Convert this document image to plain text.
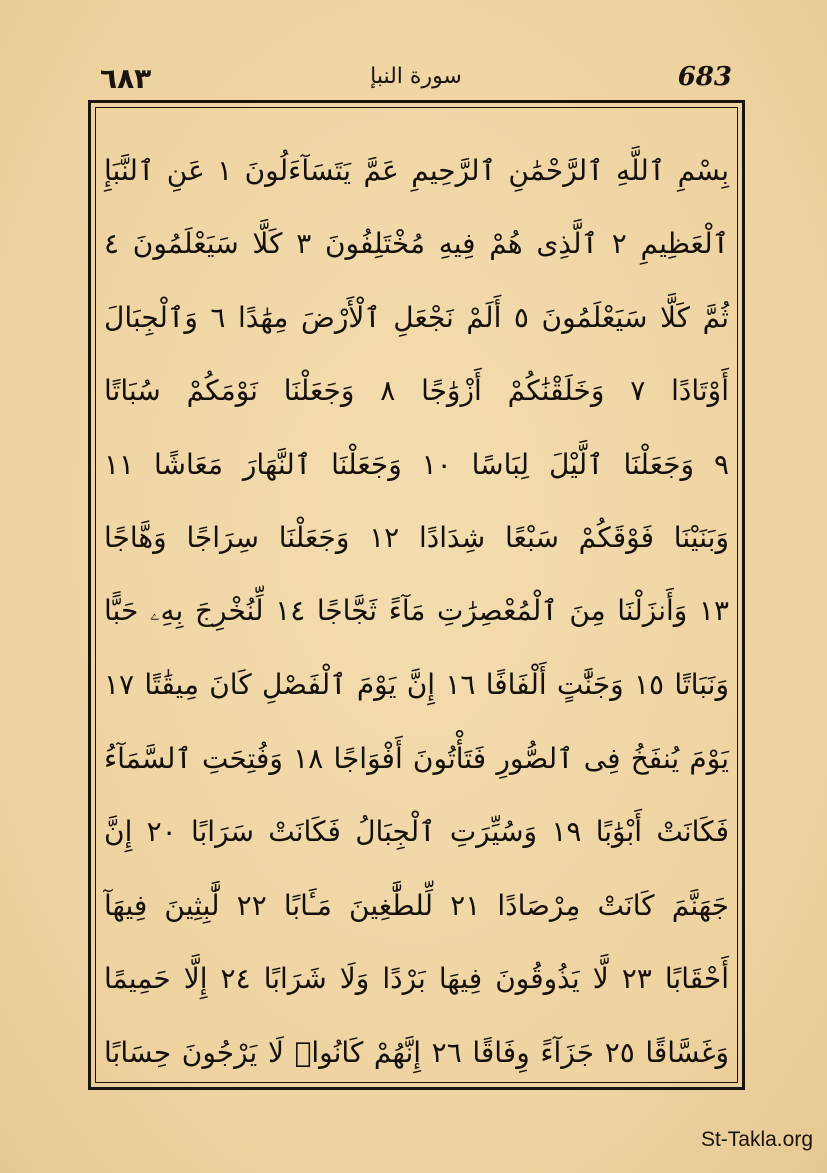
٦٨٣	سورة النبإ	683
بِسْمِ ٱللَّهِ ٱلرَّحْمَٰنِ ٱلرَّحِيمِ عَمَّ يَتَسَآءَلُونَ ١ عَنِ ٱلنَّبَإِ
ٱلْعَظِيمِ ٢ ٱلَّذِى هُمْ فِيهِ مُخْتَلِفُونَ ٣ كَلَّا سَيَعْلَمُونَ ٤
ثُمَّ كَلَّا سَيَعْلَمُونَ ٥ أَلَمْ نَجْعَلِ ٱلْأَرْضَ مِهَٰدًا ٦ وَٱلْجِبَالَ
أَوْتَادًا ٧ وَخَلَقْنَٰكُمْ أَزْوَٰجًا ٨ وَجَعَلْنَا نَوْمَكُمْ سُبَاتًا
٩ وَجَعَلْنَا ٱلَّيْلَ لِبَاسًا ١٠ وَجَعَلْنَا ٱلنَّهَارَ مَعَاشًا ١١
وَبَنَيْنَا فَوْقَكُمْ سَبْعًا شِدَادًا ١٢ وَجَعَلْنَا سِرَاجًا وَهَّاجًا
١٣ وَأَنزَلْنَا مِنَ ٱلْمُعْصِرَٰتِ مَآءً ثَجَّاجًا ١٤ لِّنُخْرِجَ بِهِۦ حَبًّا
وَنَبَاتًا ١٥ وَجَنَّٰتٍ أَلْفَافًا ١٦ إِنَّ يَوْمَ ٱلْفَصْلِ كَانَ مِيقَٰتًا ١٧
يَوْمَ يُنفَخُ فِى ٱلصُّورِ فَتَأْتُونَ أَفْوَاجًا ١٨ وَفُتِحَتِ ٱلسَّمَآءُ
فَكَانَتْ أَبْوَٰبًا ١٩ وَسُيِّرَتِ ٱلْجِبَالُ فَكَانَتْ سَرَابًا ٢٠ إِنَّ
جَهَنَّمَ كَانَتْ مِرْصَادًا ٢١ لِّلطَّٰغِينَ مَـَٔابًا ٢٢ لَّٰبِثِينَ فِيهَآ
أَحْقَابًا ٢٣ لَّا يَذُوقُونَ فِيهَا بَرْدًا وَلَا شَرَابًا ٢٤ إِلَّا حَمِيمًا
وَغَسَّاقًا ٢٥ جَزَآءً وِفَاقًا ٢٦ إِنَّهُمْ كَانُوا۟ لَا يَرْجُونَ حِسَابًا
St-Takla.org
